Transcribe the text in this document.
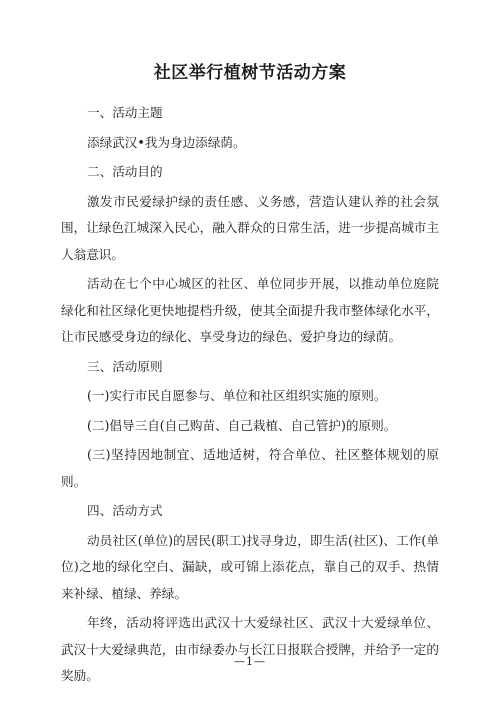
社区举行植树节活动方案

一、活动主题

添绿武汉•我为身边添绿荫。

二、活动目的

激发市民爱绿护绿的责任感、义务感，营造认建认养的社会氛围，让绿色江城深入民心，融入群众的日常生活，进一步提高城市主人翁意识。

活动在七个中心城区的社区、单位同步开展，以推动单位庭院绿化和社区绿化更快地提档升级，使其全面提升我市整体绿化水平，让市民感受身边的绿化、享受身边的绿色、爱护身边的绿荫。

三、活动原则

(一)实行市民自愿参与、单位和社区组织实施的原则。

(二)倡导三自(自己购苗、自己栽植、自己管护)的原则。

(三)坚持因地制宜、适地适树，符合单位、社区整体规划的原则。

四、活动方式

动员社区(单位)的居民(职工)找寻身边，即生活(社区)、工作(单位)之地的绿化空白、漏缺，或可锦上添花点，靠自己的双手、热情来补绿、植绿、养绿。

年终，活动将评选出武汉十大爱绿社区、武汉十大爱绿单位、武汉十大爱绿典范，由市绿委办与长江日报联合授牌，并给予一定的奖励。

—1—
